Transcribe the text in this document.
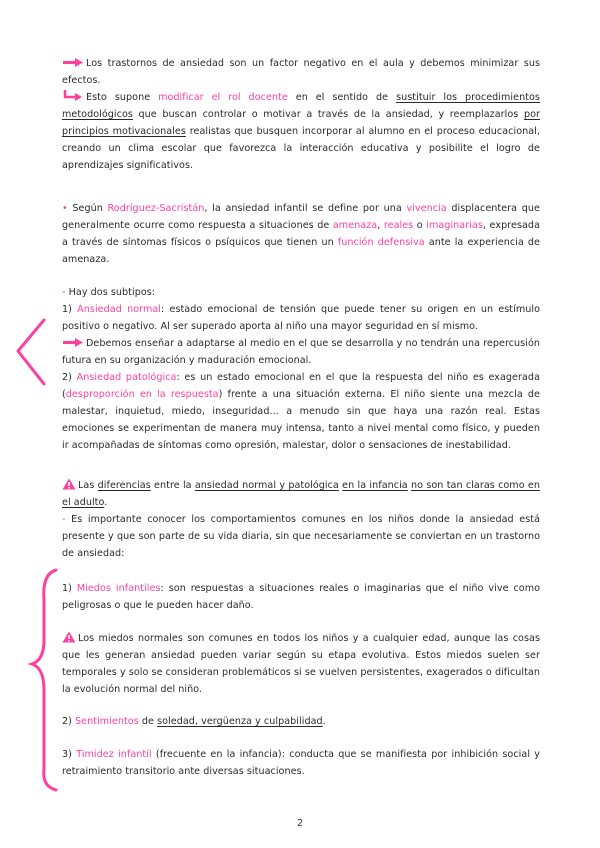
Los trastornos de ansiedad son un factor negativo en el aula y debemos minimizar sus efectos.

Esto supone modificar el rol docente en el sentido de sustituir los procedimientos metodológicos que buscan controlar o motivar a través de la ansiedad, y reemplazarlos por principios motivacionales realistas que busquen incorporar al alumno en el proceso educacional, creando un clima escolar que favorezca la interacción educativa y posibilite el logro de aprendizajes significativos.

• Según Rodríguez-Sacristán, la ansiedad infantil se define por una vivencia displacentera que generalmente ocurre como respuesta a situaciones de amenaza, reales o imaginarias, expresada a través de síntomas físicos o psíquicos que tienen un función defensiva ante la experiencia de amenaza.

- Hay dos subtipos:

1) Ansiedad normal: estado emocional de tensión que puede tener su origen en un estímulo positivo o negativo. Al ser superado aporta al niño una mayor seguridad en sí mismo.

Debemos enseñar a adaptarse al medio en el que se desarrolla y no tendrán una repercusión futura en su organización y maduración emocional.

2) Ansiedad patológica: es un estado emocional en el que la respuesta del niño es exagerada (desproporción en la respuesta) frente a una situación externa. El niño siente una mezcla de malestar, inquietud, miedo, inseguridad... a menudo sin que haya una razón real. Estas emociones se experimentan de manera muy intensa, tanto a nivel mental como físico, y pueden ir acompañadas de síntomas como opresión, malestar, dolor o sensaciones de inestabilidad.

Las diferencias entre la ansiedad normal y patológica en la infancia no son tan claras como en el adulto.

- Es importante conocer los comportamientos comunes en los niños donde la ansiedad está presente y que son parte de su vida diaria, sin que necesariamente se conviertan en un trastorno de ansiedad:

1) Miedos infantiles: son respuestas a situaciones reales o imaginarias que el niño vive como peligrosas o que le pueden hacer daño.

Los miedos normales son comunes en todos los niños y a cualquier edad, aunque las cosas que les generan ansiedad pueden variar según su etapa evolutiva. Estos miedos suelen ser temporales y solo se consideran problemáticos si se vuelven persistentes, exagerados o dificultan la evolución normal del niño.

2) Sentimientos de soledad, vergüenza y culpabilidad.

3) Timidez infantil (frecuente en la infancia): conducta que se manifiesta por inhibición social y retraimiento transitorio ante diversas situaciones.

2
